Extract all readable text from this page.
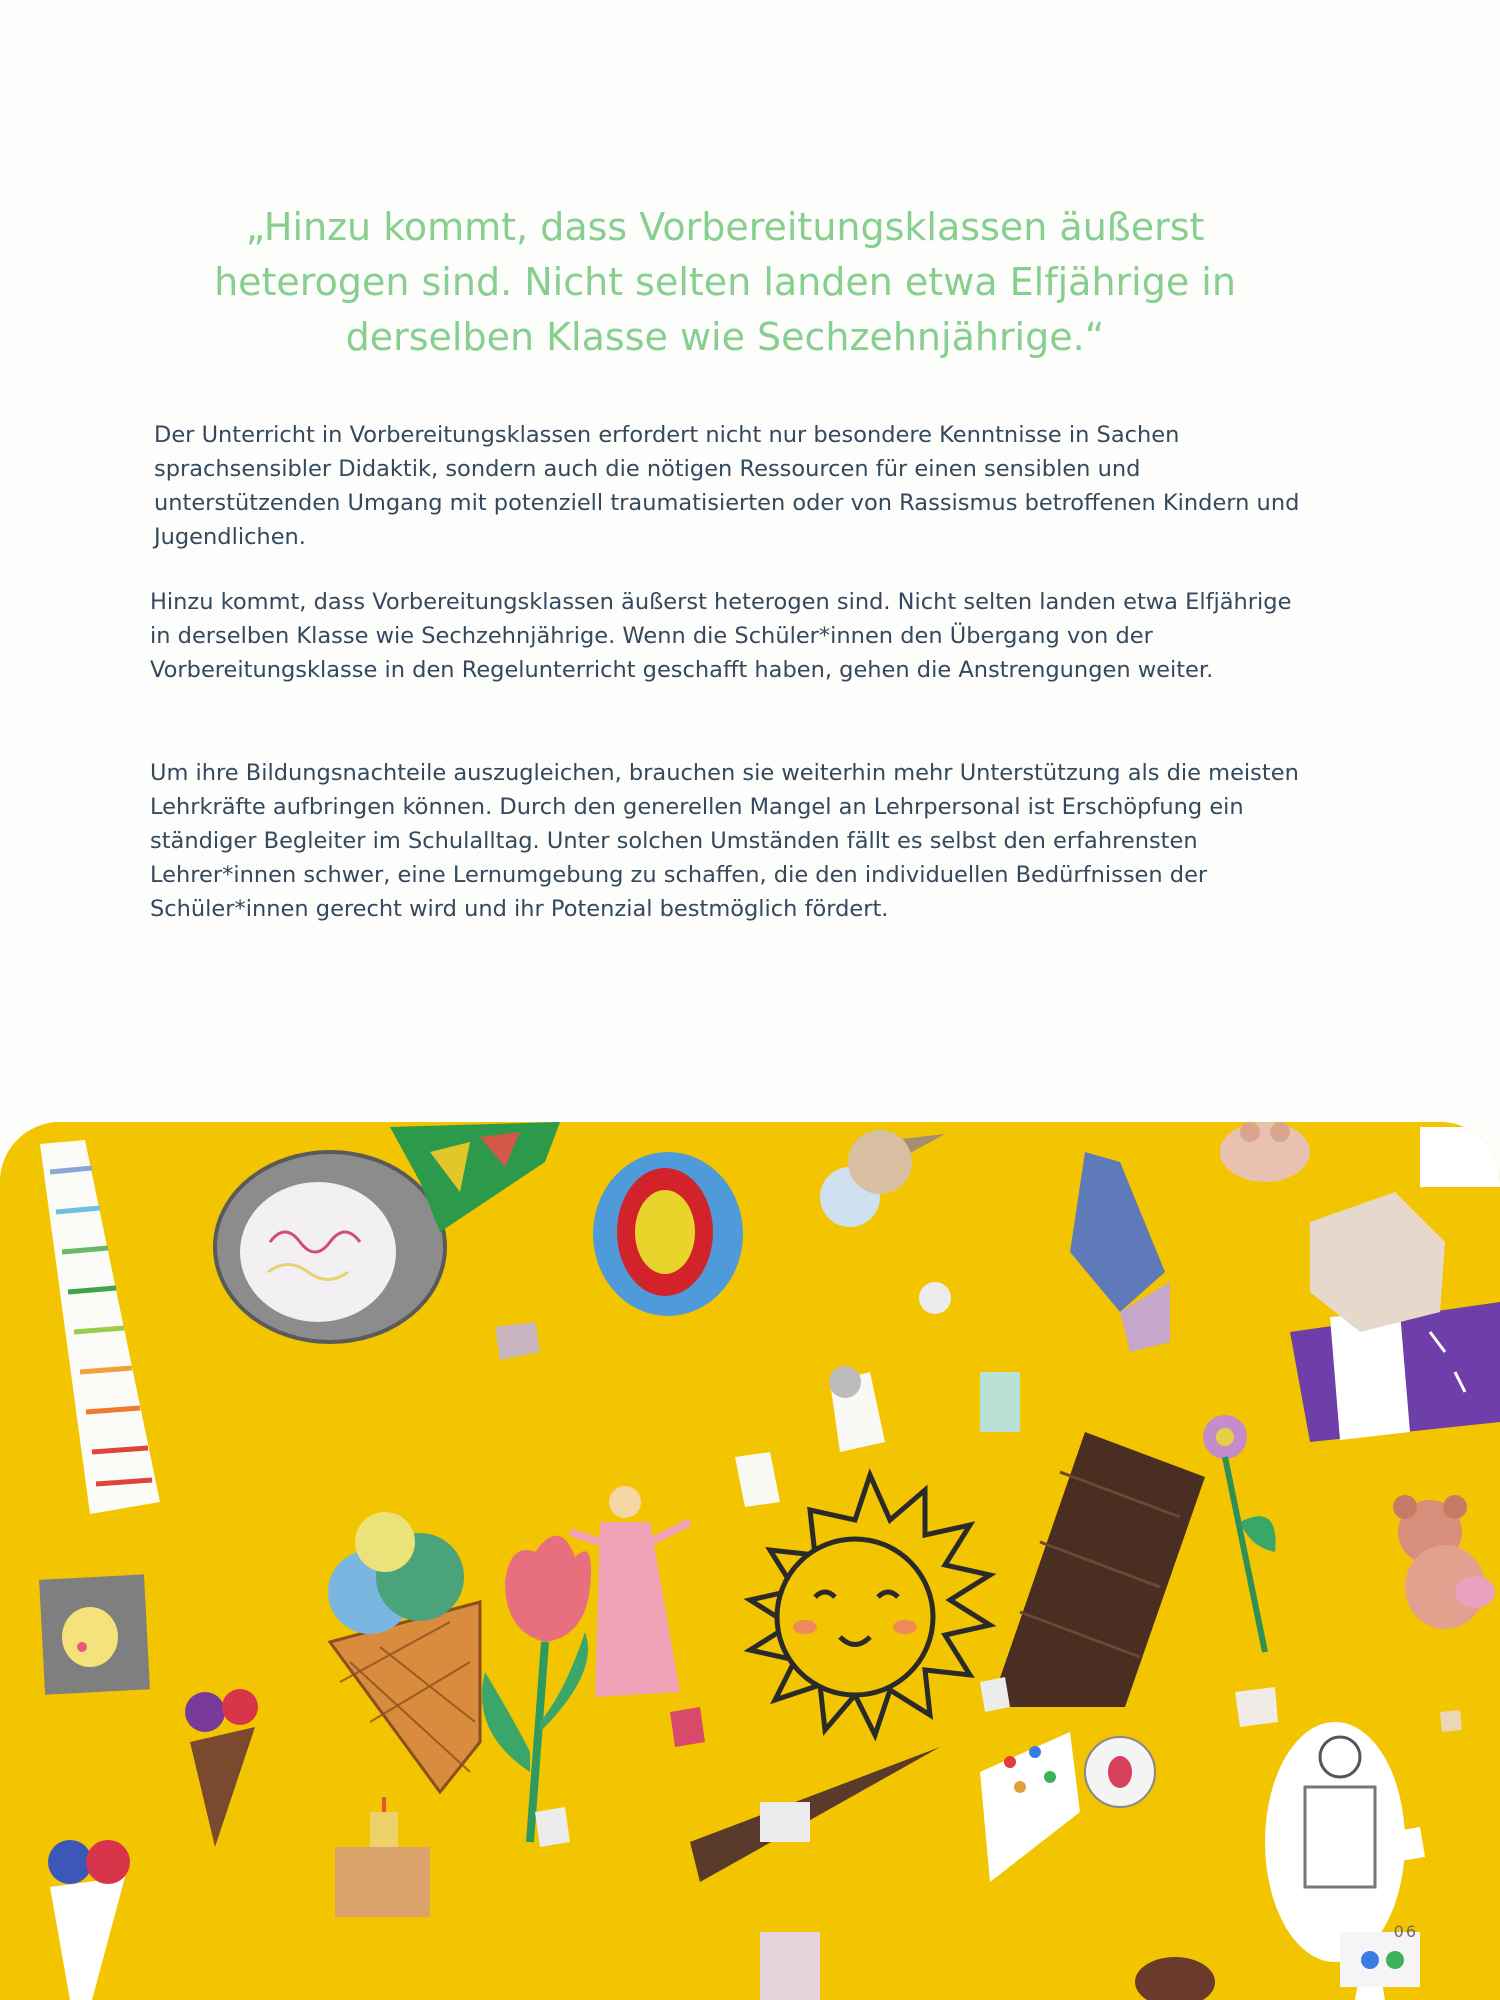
„Hinzu kommt, dass Vorbereitungsklassen äußerst heterogen sind. Nicht selten landen etwa Elfjährige in derselben Klasse wie Sechzehnjährige.“

Der Unterricht in Vorbereitungsklassen erfordert nicht nur besondere Kenntnisse in Sachen sprachsensibler Didaktik, sondern auch die nötigen Ressourcen für einen sensiblen und unterstützenden Umgang mit potenziell traumatisierten oder von Rassismus betroffenen Kindern und Jugendlichen.

Hinzu kommt, dass Vorbereitungsklassen äußerst heterogen sind. Nicht selten landen etwa Elfjährige in derselben Klasse wie Sechzehnjährige. Wenn die Schüler*innen den Übergang von der Vorbereitungsklasse in den Regelunterricht geschafft haben, gehen die Anstrengungen weiter.

Um ihre Bildungsnachteile auszugleichen, brauchen sie weiterhin mehr Unterstützung als die meisten Lehrkräfte aufbringen können. Durch den generellen Mangel an Lehrpersonal ist Erschöpfung ein ständiger Begleiter im Schulalltag. Unter solchen Umständen fällt es selbst den erfahrensten Lehrer*innen schwer, eine Lernumgebung zu schaffen, die den individuellen Bedürfnissen der Schüler*innen gerecht wird und ihr Potenzial bestmöglich fördert.

06
